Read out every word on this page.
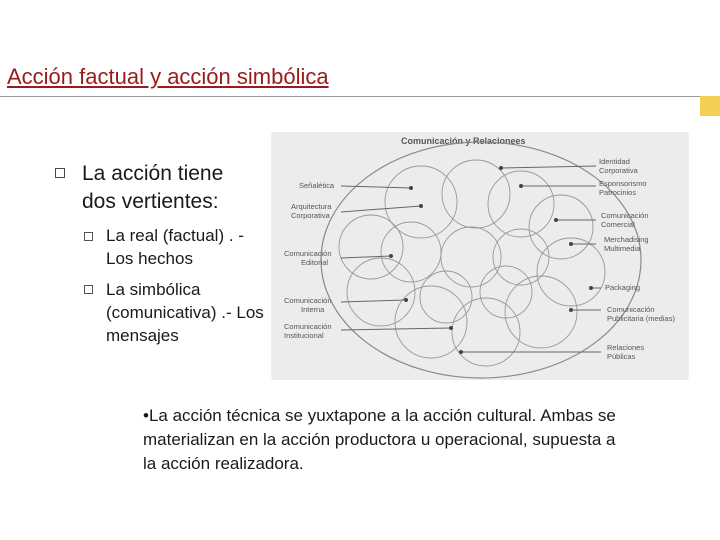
Acción factual y acción simbólica

La acción tiene dos vertientes:

La real (factual) . - Los hechos
La simbólica (comunicativa) .- Los mensajes
Comunicación y Relacionees
Señalética
Arquitectura
Corporativa
Comunicación
Editorial
Comunicación
Interna
Comunicación
Institucional
Identidad
Corporativa
Esponsorismo
Patrocinios
Comunicación
Comercial
Merchadising
Multimedia
Packaging
Comunicación
Publicitaria (medias)
Relaciones
Públicas
•La acción técnica se yuxtapone a la acción cultural. Ambas se materializan en la acción productora u operacional, supuesta a la acción realizadora.
